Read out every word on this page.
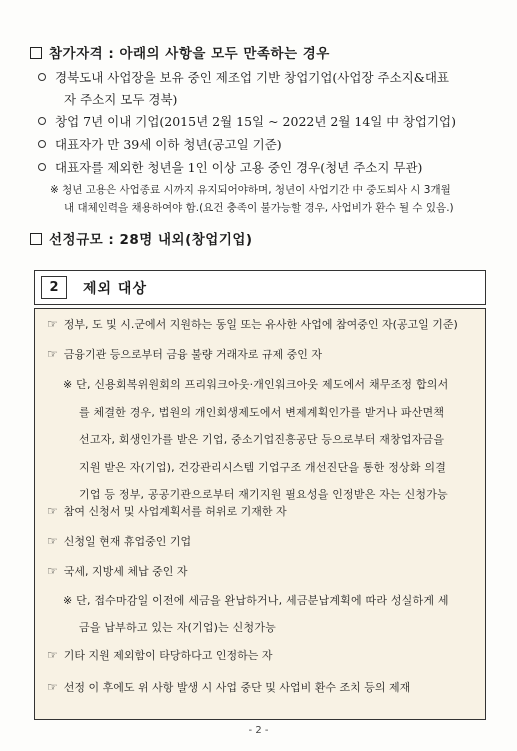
참가자격 : 아래의 사항을 모두 만족하는 경우
경북도내 사업장을 보유 중인 제조업 기반 창업기업(사업장 주소지&대표
자 주소지 모두 경북)
창업 7년 이내 기업(2015년 2월 15일 ~ 2022년 2월 14일 中 창업기업)
대표자가 만 39세 이하 청년(공고일 기준)
대표자를 제외한 청년을 1인 이상 고용 중인 경우(청년 주소지 무관)
※ 청년 고용은 사업종료 시까지 유지되어야하며, 청년이 사업기간 中 중도퇴사 시 3개월
내 대체인력을 채용하여야 함.(요건 충족이 불가능할 경우, 사업비가 환수 될 수 있음.)
선정규모 : 28명 내외(창업기업)
2	제외 대상
☞ 정부, 도 및 시.군에서 지원하는 동일 또는 유사한 사업에 참여중인 자(공고일 기준)
☞ 금융기관 등으로부터 금융 불량 거래자로 규제 중인 자
※ 단, 신용회복위원회의 프리워크아웃·개인워크아웃 제도에서 채무조정 합의서
를 체결한 경우, 법원의 개인회생제도에서 변제계획인가를 받거나 파산면책
선고자, 회생인가를 받은 기업, 중소기업진흥공단 등으로부터 재창업자금을
지원 받은 자(기업), 건강관리시스템 기업구조 개선진단을 통한 정상화 의결
기업 등 정부, 공공기관으로부터 재기지원 필요성을 인정받은 자는 신청가능
☞ 참여 신청서 및 사업계획서를 허위로 기재한 자
☞ 신청일 현재 휴업중인 기업
☞ 국세, 지방세 체납 중인 자
※ 단, 접수마감일 이전에 세금을 완납하거나, 세금분납계획에 따라 성실하게 세
금을 납부하고 있는 자(기업)는 신청가능
☞ 기타 지원 제외함이 타당하다고 인정하는 자
☞ 선정 이 후에도 위 사항 발생 시 사업 중단 및 사업비 환수 조치 등의 제재
- 2 -
